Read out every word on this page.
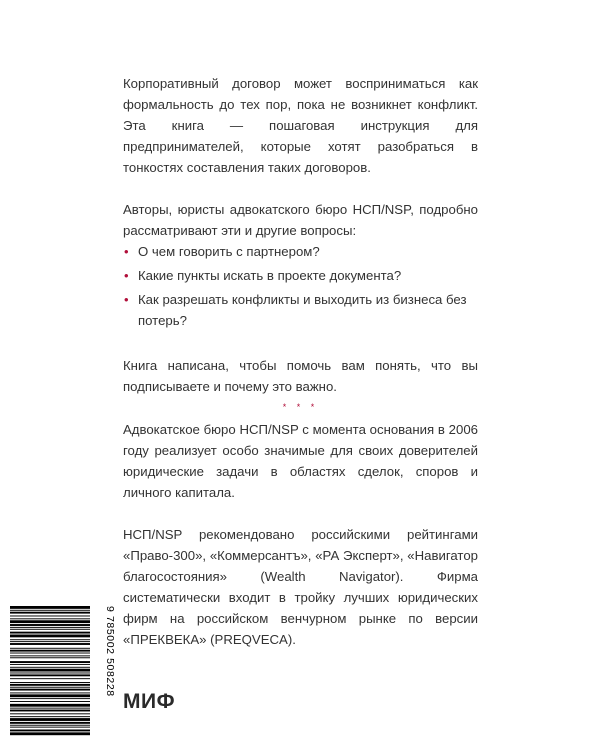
Корпоративный договор может восприниматься как формальность до тех пор, пока не возникнет конфликт. Эта книга — пошаговая инструкция для предпринимателей, которые хотят разобраться в тонкостях составления таких договоров.

Авторы, юристы адвокатского бюро НСП/NSP, подробно рассматривают эти и другие вопросы:

• О чем говорить с партнером?
• Какие пункты искать в проекте документа?
• Как разрешать конфликты и выходить из бизнеса без потерь?

Книга написана, чтобы помочь вам понять, что вы подписываете и почему это важно.

* * *

Адвокатское бюро НСП/NSP с момента основания в 2006 году реализует особо значимые для своих доверителей юридические задачи в областях сделок, споров и личного капитала.

НСП/NSP рекомендовано российскими рейтингами «Право-300», «Коммерсантъ», «РА Эксперт», «Навигатор благосостояния» (Wealth Navigator). Фирма систематически входит в тройку лучших юридических фирм на российском венчурном рынке по версии «ПРЕКВЕКА» (PREQVECA).

9 785002 508228
МИФ
